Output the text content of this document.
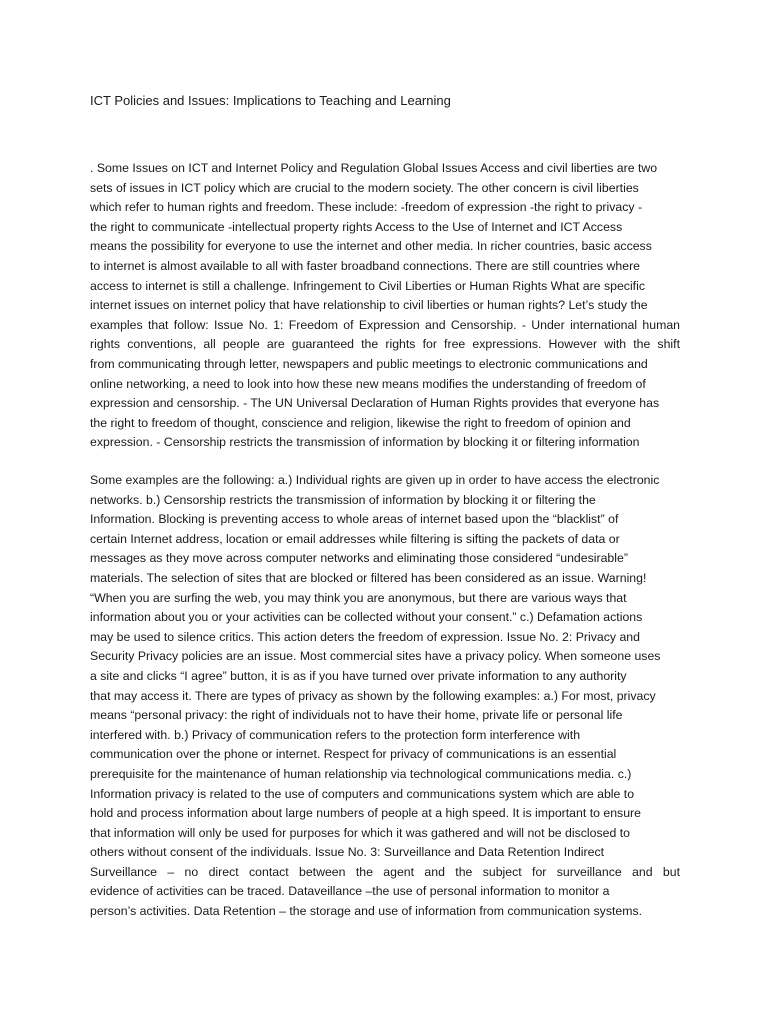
ICT Policies and Issues: Implications to Teaching and Learning
. Some Issues on ICT and Internet Policy and Regulation Global Issues Access and civil liberties are two
sets of issues in ICT policy which are crucial to the modern society. The other concern is civil liberties
which refer to human rights and freedom. These include: -freedom of expression -the right to privacy -
the right to communicate -intellectual property rights Access to the Use of Internet and ICT Access
means the possibility for everyone to use the internet and other media. In richer countries, basic access
to internet is almost available to all with faster broadband connections. There are still countries where
access to internet is still a challenge. Infringement to Civil Liberties or Human Rights What are specific
internet issues on internet policy that have relationship to civil liberties or human rights? Let’s study the
examples that follow: Issue No. 1: Freedom of Expression and Censorship. - Under international human
rights conventions, all people are guaranteed the rights for free expressions. However with the shift
from communicating through letter, newspapers and public meetings to electronic communications and
online networking, a need to look into how these new means modifies the understanding of freedom of
expression and censorship. - The UN Universal Declaration of Human Rights provides that everyone has
the right to freedom of thought, conscience and religion, likewise the right to freedom of opinion and
expression. - Censorship restricts the transmission of information by blocking it or filtering information
Some examples are the following: a.) Individual rights are given up in order to have access the electronic
networks. b.) Censorship restricts the transmission of information by blocking it or filtering the
Information. Blocking is preventing access to whole areas of internet based upon the “blacklist” of
certain Internet address, location or email addresses while filtering is sifting the packets of data or
messages as they move across computer networks and eliminating those considered “undesirable”
materials. The selection of sites that are blocked or filtered has been considered as an issue. Warning!
“When you are surfing the web, you may think you are anonymous, but there are various ways that
information about you or your activities can be collected without your consent.” c.) Defamation actions
may be used to silence critics. This action deters the freedom of expression. Issue No. 2: Privacy and
Security Privacy policies are an issue. Most commercial sites have a privacy policy. When someone uses
a site and clicks “I agree” button, it is as if you have turned over private information to any authority
that may access it. There are types of privacy as shown by the following examples: a.) For most, privacy
means “personal privacy: the right of individuals not to have their home, private life or personal life
interfered with. b.) Privacy of communication refers to the protection form interference with
communication over the phone or internet. Respect for privacy of communications is an essential
prerequisite for the maintenance of human relationship via technological communications media. c.)
Information privacy is related to the use of computers and communications system which are able to
hold and process information about large numbers of people at a high speed. It is important to ensure
that information will only be used for purposes for which it was gathered and will not be disclosed to
others without consent of the individuals. Issue No. 3: Surveillance and Data Retention Indirect
Surveillance – no direct contact between the agent and the subject for surveillance and but
evidence of activities can be traced. Dataveillance –the use of personal information to monitor a
person’s activities. Data Retention – the storage and use of information from communication systems.
